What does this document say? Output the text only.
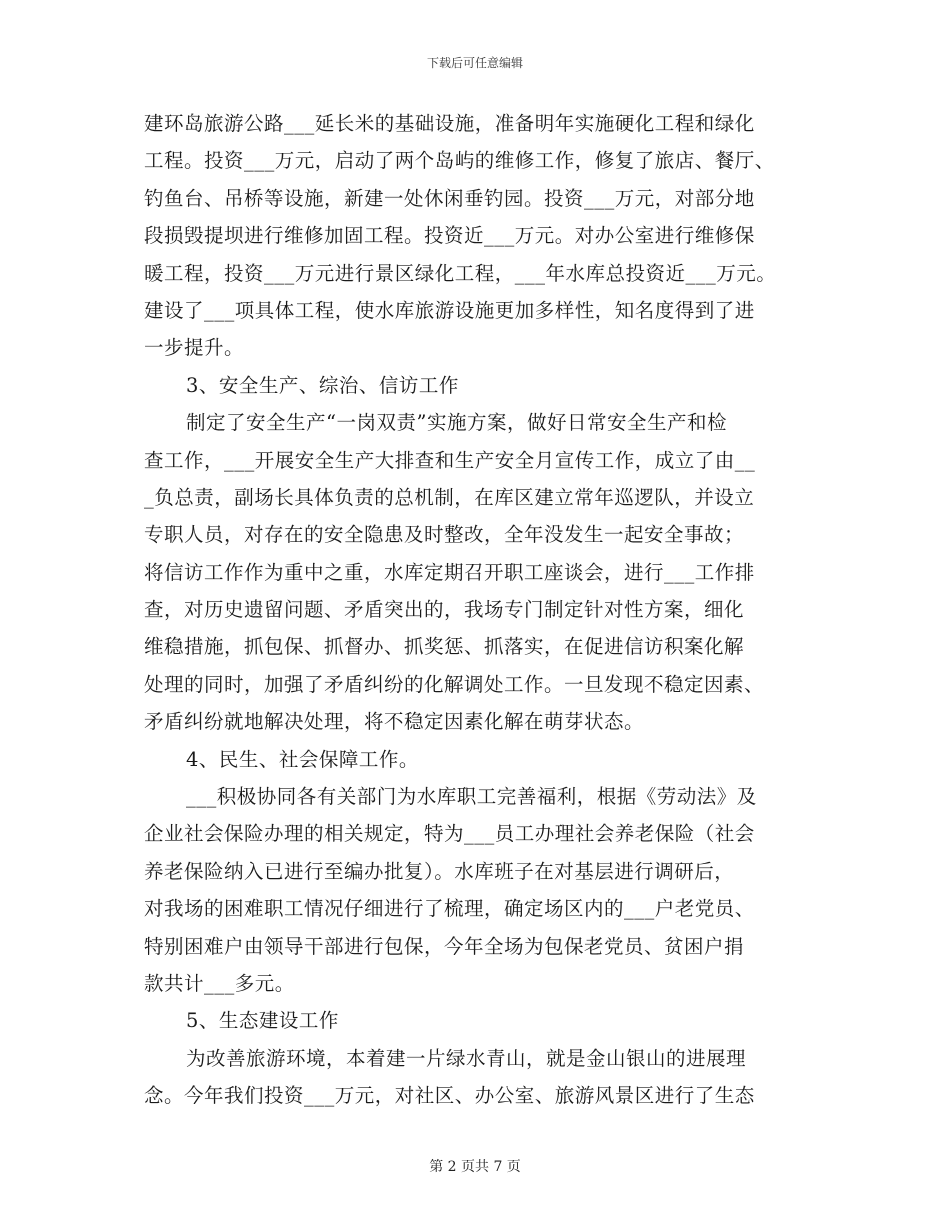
下载后可任意编辑
建环岛旅游公路___延长米的基础设施，准备明年实施硬化工程和绿化
工程。投资___万元，启动了两个岛屿的维修工作，修复了旅店、餐厅、
钓鱼台、吊桥等设施，新建一处休闲垂钓园。投资___万元，对部分地
段损毁提坝进行维修加固工程。投资近___万元。对办公室进行维修保
暖工程，投资___万元进行景区绿化工程，___年水库总投资近___万元。
建设了___项具体工程，使水库旅游设施更加多样性，知名度得到了进
一步提升。
3、安全生产、综治、信访工作
制定了安全生产“一岗双责”实施方案，做好日常安全生产和检
查工作，___开展安全生产大排查和生产安全月宣传工作，成立了由__
_负总责，副场长具体负责的总机制，在库区建立常年巡逻队，并设立
专职人员，对存在的安全隐患及时整改，全年没发生一起安全事故；
将信访工作作为重中之重，水库定期召开职工座谈会，进行___工作排
查，对历史遗留问题、矛盾突出的，我场专门制定针对性方案，细化
维稳措施，抓包保、抓督办、抓奖惩、抓落实，在促进信访积案化解
处理的同时，加强了矛盾纠纷的化解调处工作。一旦发现不稳定因素、
矛盾纠纷就地解决处理，将不稳定因素化解在萌芽状态。
4、民生、社会保障工作。
___积极协同各有关部门为水库职工完善福利，根据《劳动法》及
企业社会保险办理的相关规定，特为___员工办理社会养老保险（社会
养老保险纳入已进行至编办批复）。水库班子在对基层进行调研后，
对我场的困难职工情况仔细进行了梳理，确定场区内的___户老党员、
特别困难户由领导干部进行包保，今年全场为包保老党员、贫困户捐
款共计___多元。
5、生态建设工作
为改善旅游环境，本着建一片绿水青山，就是金山银山的进展理
念。今年我们投资___万元，对社区、办公室、旅游风景区进行了生态
第 2 页共 7 页
